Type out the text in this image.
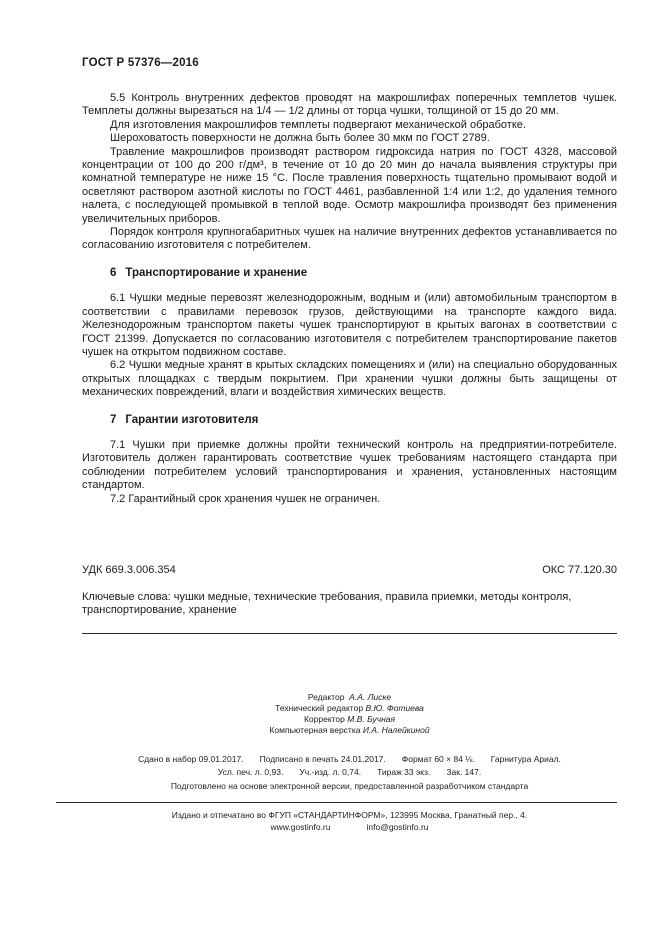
ГОСТ Р 57376—2016

5.5 Контроль внутренних дефектов проводят на макрошлифах поперечных темплетов чушек. Темплеты должны вырезаться на 1/4 — 1/2 длины от торца чушки, толщиной от 15 до 20 мм.

Для изготовления макрошлифов темплеты подвергают механической обработке.

Шероховатость поверхности не должна быть более 30 мкм по ГОСТ 2789.

Травление макрошлифов производят раствором гидроксида натрия по ГОСТ 4328, массовой концентрации от 100 до 200 г/дм³, в течение от 10 до 20 мин до начала выявления структуры при комнатной температуре не ниже 15 °С. После травления поверхность тщательно промывают водой и осветляют раствором азотной кислоты по ГОСТ 4461, разбавленной 1:4 или 1:2, до удаления темного налета, с последующей промывкой в теплой воде. Осмотр макрошлифа производят без применения увеличительных приборов.

Порядок контроля крупногабаритных чушек на наличие внутренних дефектов устанавливается по согласованию изготовителя с потребителем.

6 Транспортирование и хранение

6.1 Чушки медные перевозят железнодорожным, водным и (или) автомобильным транспортом в соответствии с правилами перевозок грузов, действующими на транспорте каждого вида. Железнодорожным транспортом пакеты чушек транспортируют в крытых вагонах в соответствии с ГОСТ 21399. Допускается по согласованию изготовителя с потребителем транспортирование пакетов чушек на открытом подвижном составе.

6.2 Чушки медные хранят в крытых складских помещениях и (или) на специально оборудованных открытых площадках с твердым покрытием. При хранении чушки должны быть защищены от механических повреждений, влаги и воздействия химических веществ.

7 Гарантии изготовителя

7.1 Чушки при приемке должны пройти технический контроль на предприятии-потребителе. Изготовитель должен гарантировать соответствие чушек требованиям настоящего стандарта при соблюдении потребителем условий транспортирования и хранения, установленных настоящим стандартом.

7.2 Гарантийный срок хранения чушек не ограничен.

УДК 669.3.006.354	ОКС 77.120.30

Ключевые слова: чушки медные, технические требования, правила приемки, методы контроля, транспортирование, хранение

Редактор А.А. Лиске
Технический редактор В.Ю. Фотиева
Корректор М.В. Бучная
Компьютерная верстка И.А. Налейкиной
Сдано в набор 09.01.2017. Подписано в печать 24.01.2017. Формат 60 × 84 ⅛. Гарнитура Ариал.
Усл. печ. л. 0,93. Уч.-изд. л. 0,74. Тираж 33 экз. Зак. 147.
Подготовлено на основе электронной версии, предоставленной разработчиком стандарта
Издано и отпечатано во ФГУП «СТАНДАРТИНФОРМ», 123995 Москва, Гранатный пер., 4.
www.gostinfo.ru	info@gostinfo.ru
